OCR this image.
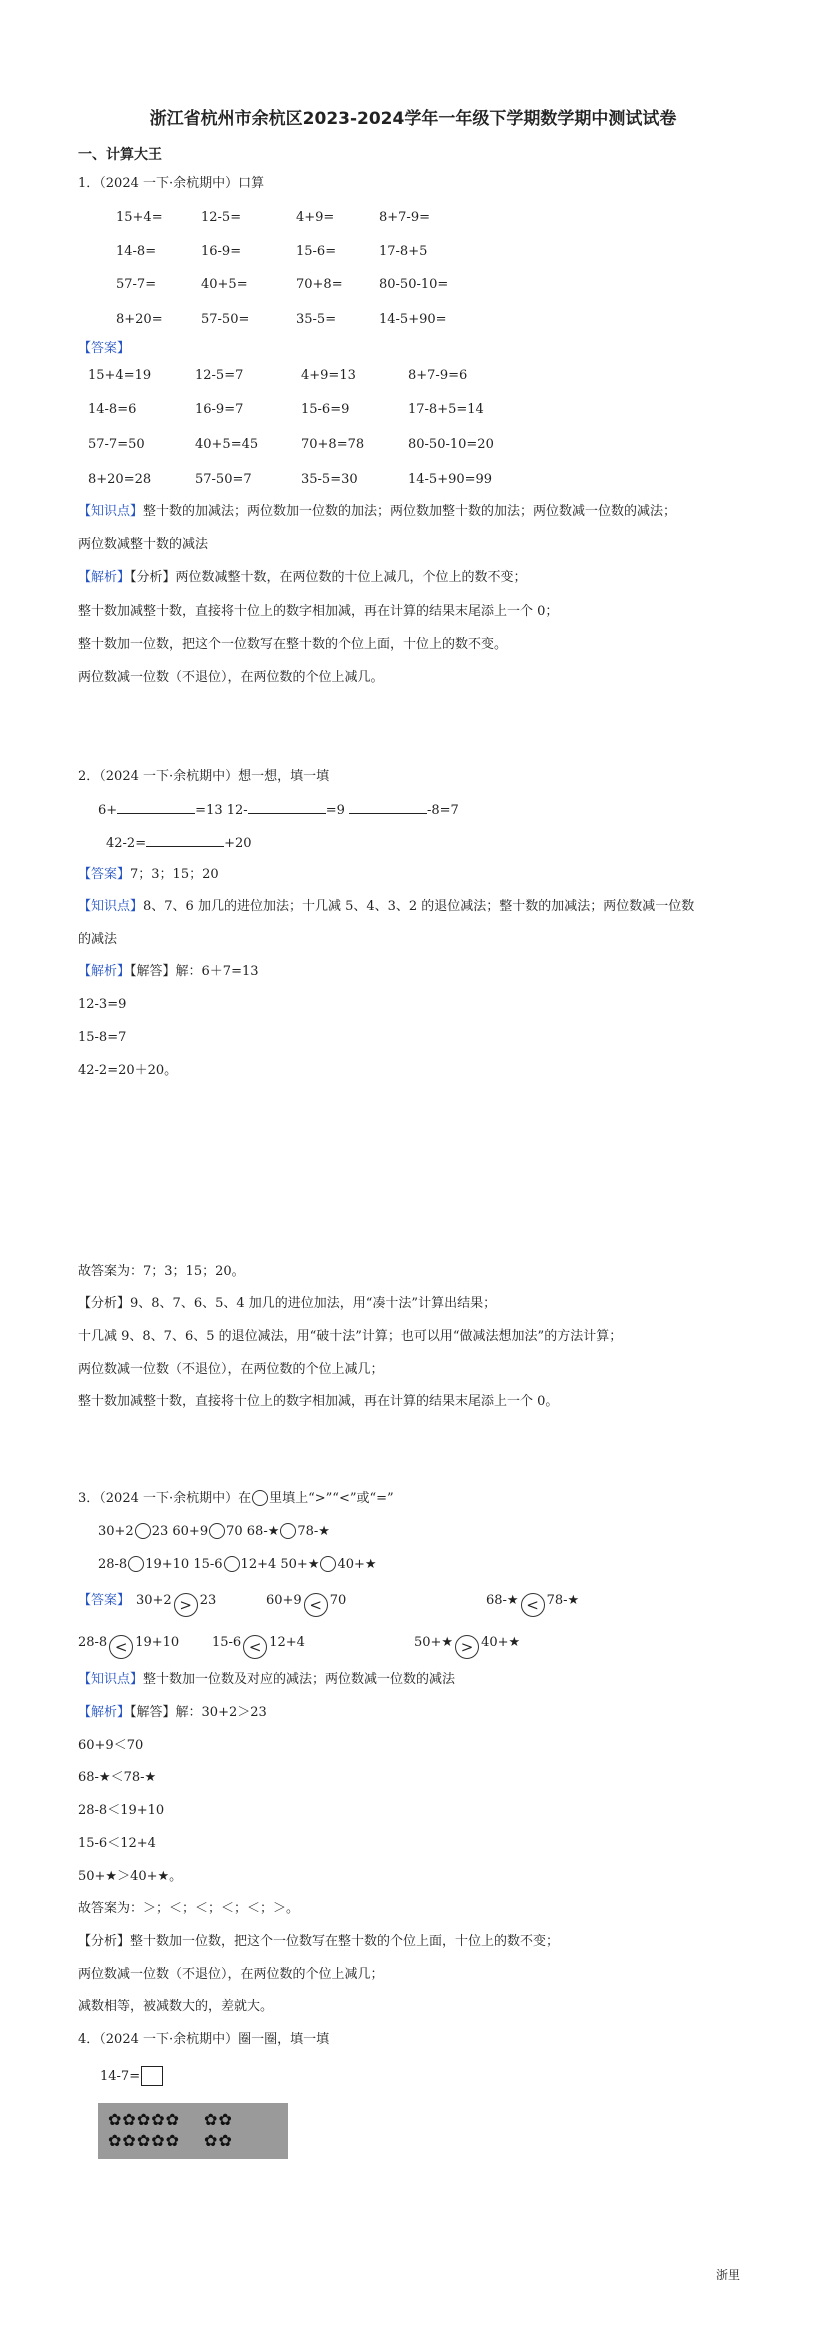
浙江省杭州市余杭区2023-2024学年一年级下学期数学期中测试试卷
一、计算大王
1．（2024 一下·余杭期中）口算
15+4=	12-5=	4+9=	8+7-9=
14-8=	16-9=	15-6=	17-8+5
57-7=	40+5=	70+8=	80-50-10=
8+20=	57-50=	35-5=	14-5+90=
【答案】
15+4=19	12-5=7	4+9=13	8+7-9=6
14-8=6	16-9=7	15-6=9	17-8+5=14
57-7=50	40+5=45	70+8=78	80-50-10=20
8+20=28	57-50=7	35-5=30	14-5+90=99
【知识点】整十数的加减法；两位数加一位数的加法；两位数加整十数的加法；两位数减一位数的减法；
两位数减整十数的减法
【解析】【分析】两位数减整十数，在两位数的十位上减几，个位上的数不变；
整十数加减整十数，直接将十位上的数字相加减，再在计算的结果末尾添上一个 0；
整十数加一位数，把这个一位数写在整十数的个位上面，十位上的数不变。
两位数减一位数（不退位），在两位数的个位上减几。
2．（2024 一下·余杭期中）想一想，填一填
6+	=13 12-	=9	-8=7
42-2=	+20
【答案】7；3；15；20
【知识点】8、7、6 加几的进位加法；十几减 5、4、3、2 的退位减法；整十数的加减法；两位数减一位数
的减法
【解析】【解答】解：6＋7=13
12-3=9
15-8=7
42-2=20＋20。
故答案为：7；3；15；20。
【分析】9、8、7、6、5、4 加几的进位加法，用“凑十法”计算出结果；
十几减 9、8、7、6、5 的退位减法，用“破十法”计算；也可以用“做减法想加法”的方法计算；
两位数减一位数（不退位），在两位数的个位上减几；
整十数加减整十数，直接将十位上的数字相加减，再在计算的结果末尾添上一个 0。
3．（2024 一下·余杭期中）在 里填上“>”“<”或“=”
30+2 23 60+9 70 68-★ 78-★
28-8 19+10 15-6 12+4 50+★ 40+★
【答案】 30+2 > 23	60+9 < 70	68-★ < 78-★
28-8 < 19+10	15-6 < 12+4	50+★ > 40+★
【知识点】整十数加一位数及对应的减法；两位数减一位数的减法
【解析】【解答】解：30+2＞23
60+9＜70
68-★＜78-★
28-8＜19+10
15-6＜12+4
50+★＞40+★。
故答案为：＞；＜；＜；＜；＜；＞。
【分析】整十数加一位数，把这个一位数写在整十数的个位上面，十位上的数不变；
两位数减一位数（不退位），在两位数的个位上减几；
减数相等，被减数大的，差就大。
4．（2024 一下·余杭期中）圈一圈，填一填
14-7=
✿✿✿✿✿ ✿✿
✿✿✿✿✿ ✿✿
浙里
